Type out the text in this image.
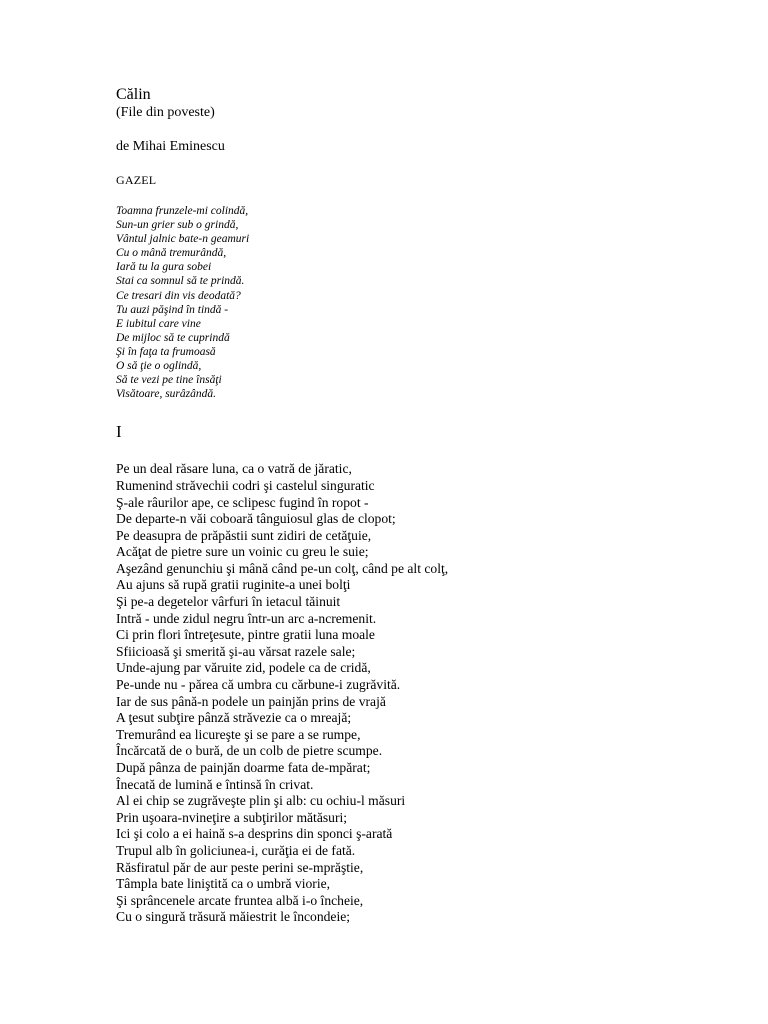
Călin
(File din poveste)
de Mihai Eminescu
GAZEL
Toamna frunzele-mi colindă,
Sun-un grier sub o grindă,
Vântul jalnic bate-n geamuri
Cu o mână tremurândă,
Iară tu la gura sobei
Stai ca somnul să te prindă.
Ce tresari din vis deodată?
Tu auzi păşind în tindă -
E iubitul care vine
De mijloc să te cuprindă
Şi în faţa ta frumoasă
O să ţie o oglindă,
Să te vezi pe tine însăţi
Visătoare, surâzândă.
I
Pe un deal răsare luna, ca o vatră de jăratic,
Rumenind străvechii codri şi castelul singuratic
Ş-ale râurilor ape, ce sclipesc fugind în ropot -
De departe-n văi coboară tânguiosul glas de clopot;
Pe deasupra de prăpăstii sunt zidiri de cetăţuie,
Acăţat de pietre sure un voinic cu greu le suie;
Aşezând genunchiu şi mână când pe-un colţ, când pe alt colţ,
Au ajuns să rupă gratii ruginite-a unei bolţi
Şi pe-a degetelor vârfuri în ietacul tăinuit
Intră - unde zidul negru într-un arc a-ncremenit.
Ci prin flori întreţesute, pintre gratii luna moale
Sfiicioasă şi smerită şi-au vărsat razele sale;
Unde-ajung par văruite zid, podele ca de cridă,
Pe-unde nu - părea că umbra cu cărbune-i zugrăvită.
Iar de sus până-n podele un painjăn prins de vrajă
A ţesut subţire pânză străvezie ca o mreajă;
Tremurând ea licureşte şi se pare a se rumpe,
Încărcată de o bură, de un colb de pietre scumpe.
După pânza de painjăn doarme fata de-mpărat;
Înecată de lumină e întinsă în crivat.
Al ei chip se zugrăveşte plin şi alb: cu ochiu-l măsuri
Prin uşoara-nvineţire a subţirilor mătăsuri;
Ici şi colo a ei haină s-a desprins din sponci ş-arată
Trupul alb în goliciunea-i, curăţia ei de fată.
Răsfiratul păr de aur peste perini se-mprăştie,
Tâmpla bate liniştită ca o umbră viorie,
Şi sprâncenele arcate fruntea albă i-o încheie,
Cu o singură trăsură măiestrit le încondeie;
